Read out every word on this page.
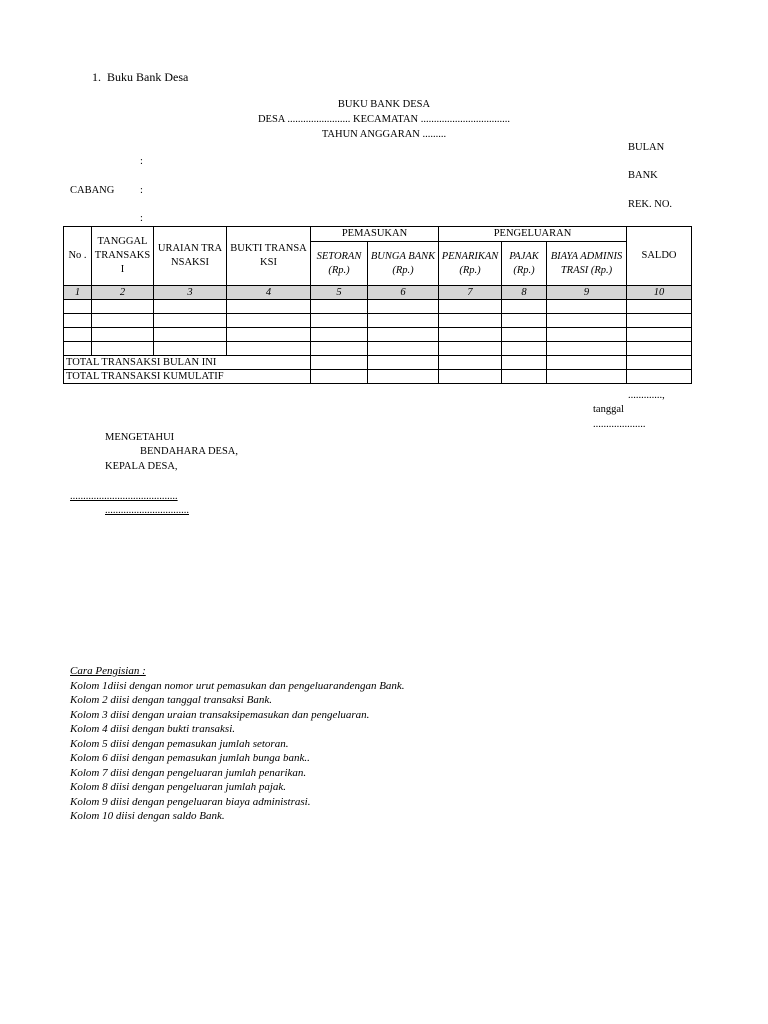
1. Buku Bank Desa
BUKU BANK DESA
DESA ........................ KECAMATAN ..................................
TAHUN ANGGARAN .........
BULAN
:
BANK
CABANG :
REK. NO.
:
No .	TANGGAL TRANSAKSI	URAIAN TRANSAKSI	BUKTI TRANSAKSI	PEMASUKAN		PENGELUARAN			SALDO
				SETORAN (Rp.)	BUNGA BANK (Rp.)	PENARIKAN (Rp.)	PAJAK (Rp.)	BIAYA ADMINISTRASI (Rp.)	
1	2	3	4	5	6	7	8	9	10

TOTAL TRANSAKSI BULAN INI									
TOTAL TRANSAKSI KUMULATIF									
.............,
tanggal
....................
MENGETAHUI
BENDAHARA DESA,
KEPALA DESA,
.........................................
................................
Cara Pengisian :
Kolom 1diisi dengan nomor urut pemasukan dan pengeluarandengan Bank.
Kolom 2 diisi dengan tanggal transaksi Bank.
Kolom 3 diisi dengan uraian transaksipemasukan dan pengeluaran.
Kolom 4 diisi dengan bukti transaksi.
Kolom 5 diisi dengan pemasukan jumlah setoran.
Kolom 6 diisi dengan pemasukan jumlah bunga bank..
Kolom 7 diisi dengan pengeluaran jumlah penarikan.
Kolom 8 diisi dengan pengeluaran jumlah pajak.
Kolom 9 diisi dengan pengeluaran biaya administrasi.
Kolom 10 diisi dengan saldo Bank.
